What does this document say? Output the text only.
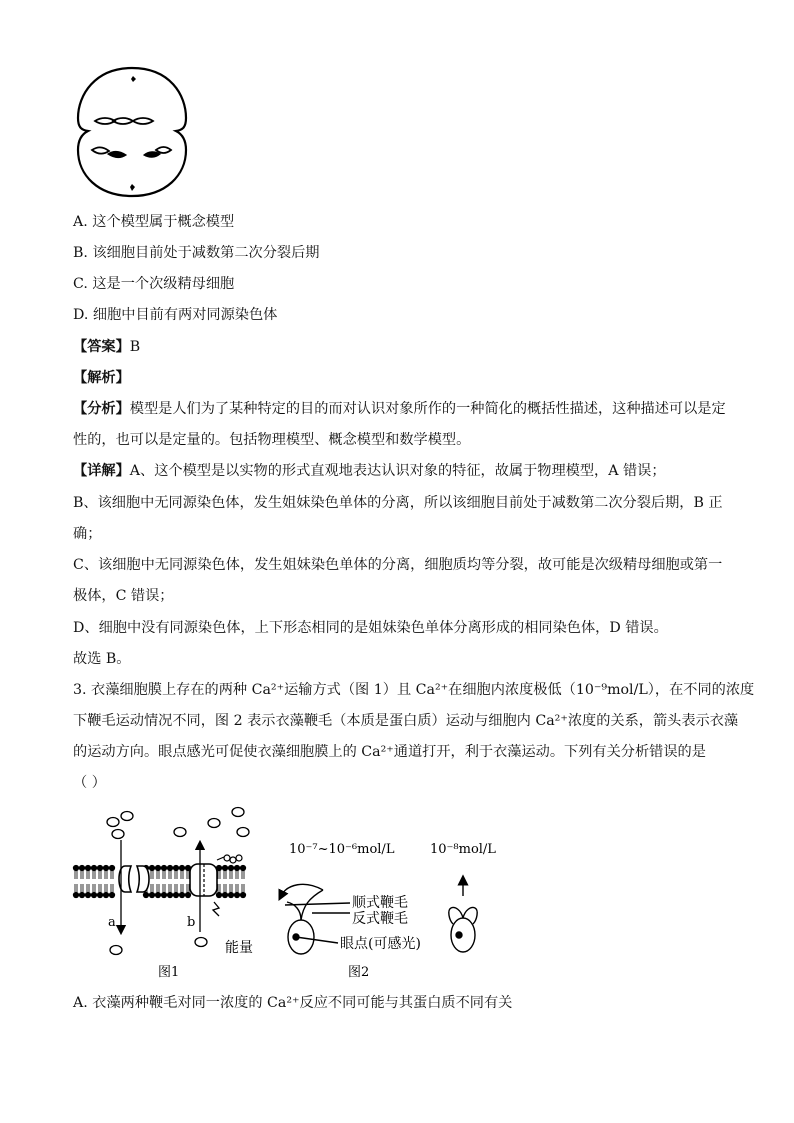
A. 这个模型属于概念模型
B. 该细胞目前处于减数第二次分裂后期
C. 这是一个次级精母细胞
D. 细胞中目前有两对同源染色体
【答案】B
【解析】
【分析】模型是人们为了某种特定的目的而对认识对象所作的一种简化的概括性描述，这种描述可以是定
性的，也可以是定量的。包括物理模型、概念模型和数学模型。
【详解】A、这个模型是以实物的形式直观地表达认识对象的特征，故属于物理模型，A 错误；
B、该细胞中无同源染色体，发生姐妹染色单体的分离，所以该细胞目前处于减数第二次分裂后期，B 正
确；
C、该细胞中无同源染色体，发生姐妹染色单体的分离，细胞质均等分裂，故可能是次级精母细胞或第一
极体，C 错误；
D、细胞中没有同源染色体，上下形态相同的是姐妹染色单体分离形成的相同染色体，D 错误。
故选 B。
3. 衣藻细胞膜上存在的两种 Ca²⁺运输方式（图 1）且 Ca²⁺在细胞内浓度极低（10⁻⁹mol/L），在不同的浓度
下鞭毛运动情况不同，图 2 表示衣藻鞭毛（本质是蛋白质）运动与细胞内 Ca²⁺浓度的关系，箭头表示衣藻
的运动方向。眼点感光可促使衣藻细胞膜上的 Ca²⁺通道打开，利于衣藻运动。下列有关分析错误的是
（ ）
a	b
能量
图1	图2
10⁻⁷~10⁻⁶mol/L	10⁻⁸mol/L
顺式鞭毛
反式鞭毛
眼点(可感光)
A. 衣藻两种鞭毛对同一浓度的 Ca²⁺反应不同可能与其蛋白质不同有关
